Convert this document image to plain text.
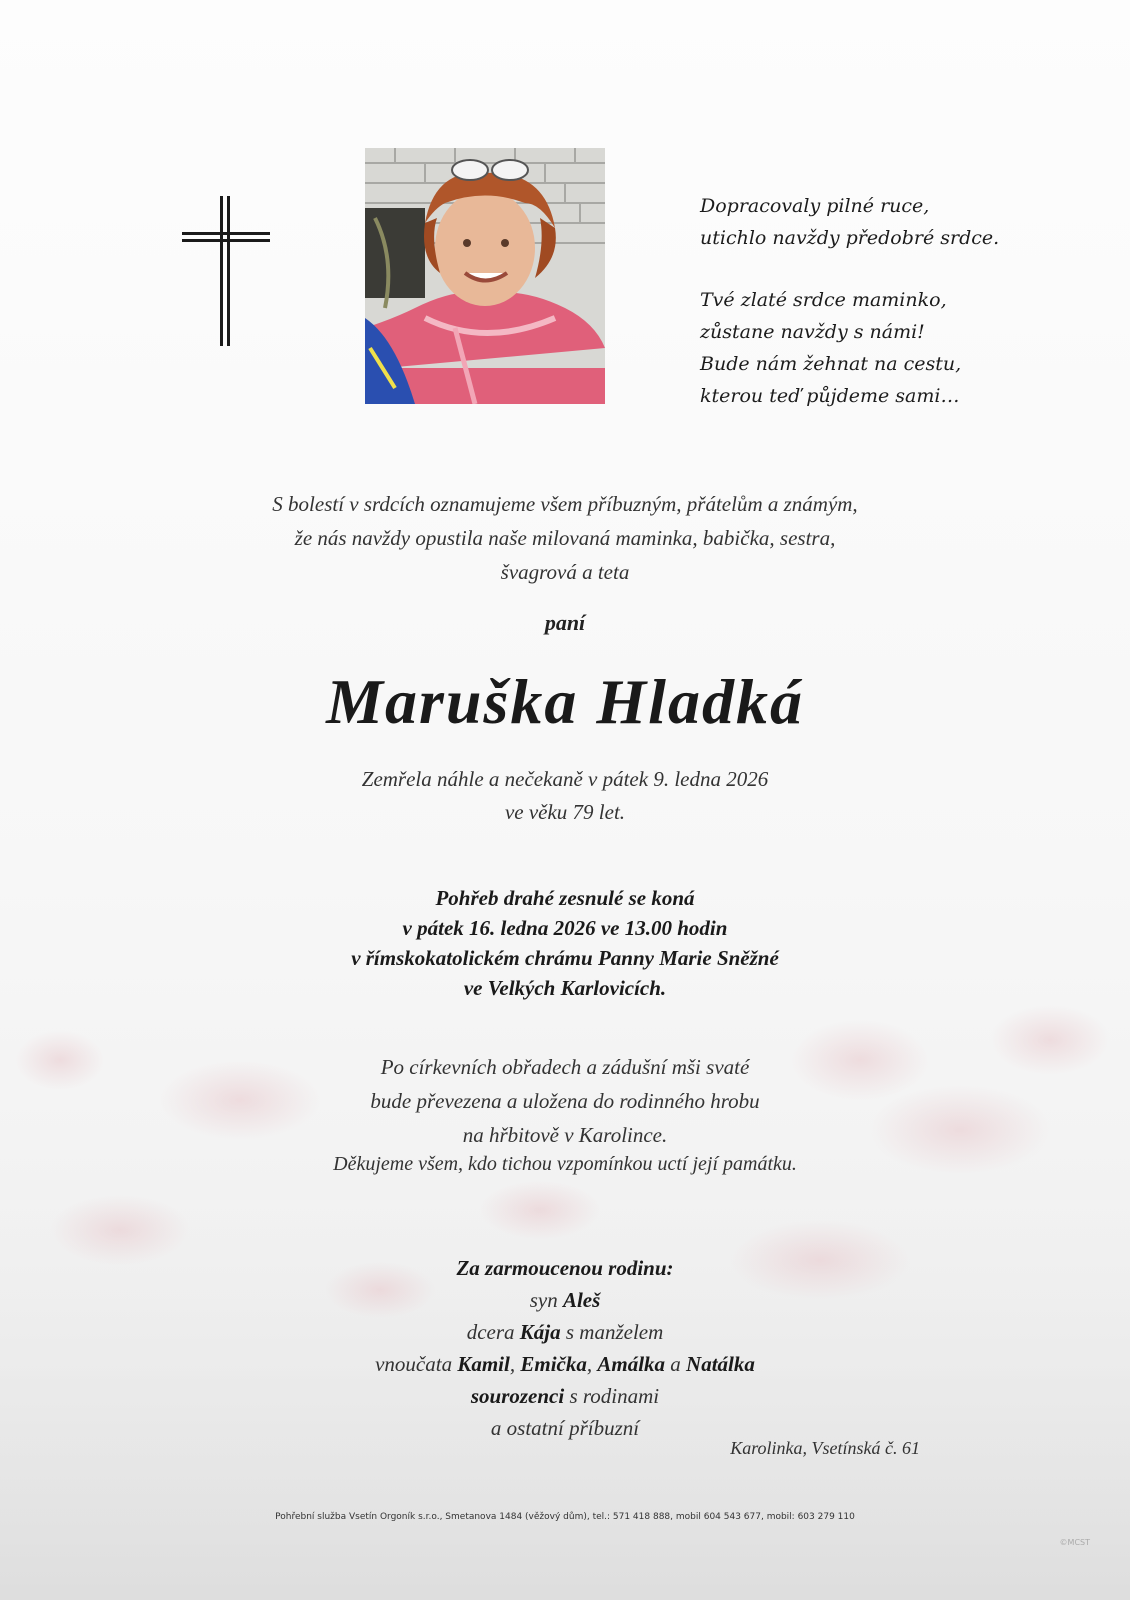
Dopracovaly pilné ruce,
utichlo navždy předobré srdce.
Tvé zlaté srdce maminko,
zůstane navždy s námi!
Bude nám žehnat na cestu,
kterou teď půjdeme sami…
S bolestí v srdcích oznamujeme všem příbuzným, přátelům a známým,
že nás navždy opustila naše milovaná maminka, babička, sestra,
švagrová a teta
paní
Maruška Hladká
Zemřela náhle a nečekaně v pátek 9. ledna 2026
ve věku 79 let.
Pohřeb drahé zesnulé se koná
v pátek 16. ledna 2026 ve 13.00 hodin
v římskokatolickém chrámu Panny Marie Sněžné
ve Velkých Karlovicích.
Po církevních obřadech a zádušní mši svaté
bude převezena a uložena do rodinného hrobu
na hřbitově v Karolince.
Děkujeme všem, kdo tichou vzpomínkou uctí její památku.
Za zarmoucenou rodinu:
syn Aleš
dcera Kája s manželem
vnoučata Kamil, Emička, Amálka a Natálka
sourozenci s rodinami
a ostatní příbuzní
Karolinka, Vsetínská č. 61
Pohřební služba Vsetín Orgoník s.r.o., Smetanova 1484 (věžový dům), tel.: 571 418 888, mobil 604 543 677, mobil: 603 279 110
©MCST
